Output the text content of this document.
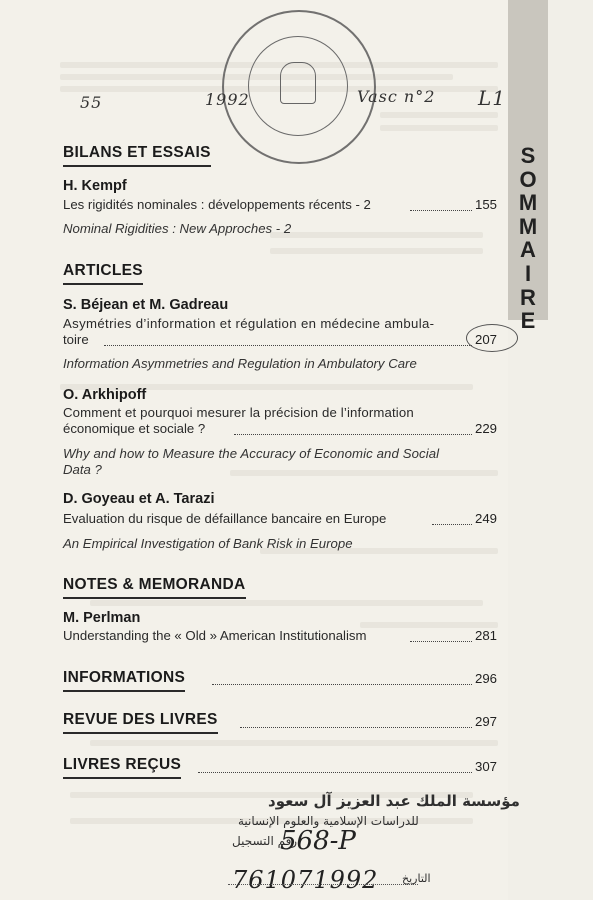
S
O
M
M
A
I
R
E
55	1992	Vasc n°2 L1
BILANS ET ESSAIS
H. Kempf
Les rigidités nominales : développements récents - 2	155
Nominal Rigidities : New Approches - 2
ARTICLES
S. Béjean et M. Gadreau
Asymétries d’information et régulation en médecine ambula-
toire	207
Information Asymmetries and Regulation in Ambulatory Care
O. Arkhipoff
Comment et pourquoi mesurer la précision de l’information
économique et sociale ?	229
Why and how to Measure the Accuracy of Economic and Social
Data ?
D. Goyeau et A. Tarazi
Evaluation du risque de défaillance bancaire en Europe	249
An Empirical Investigation of Bank Risk in Europe
NOTES & MEMORANDA
M. Perlman
Understanding the « Old » American Institutionalism	281
INFORMATIONS	296
REVUE DES LIVRES	297
LIVRES REÇUS	307
مؤسسة الملك عبد العزيز آل سعود
للدراسات الإسلامية والعلوم الإنسانية
رقم التسجيل
568-P
761071992 التاريخ
